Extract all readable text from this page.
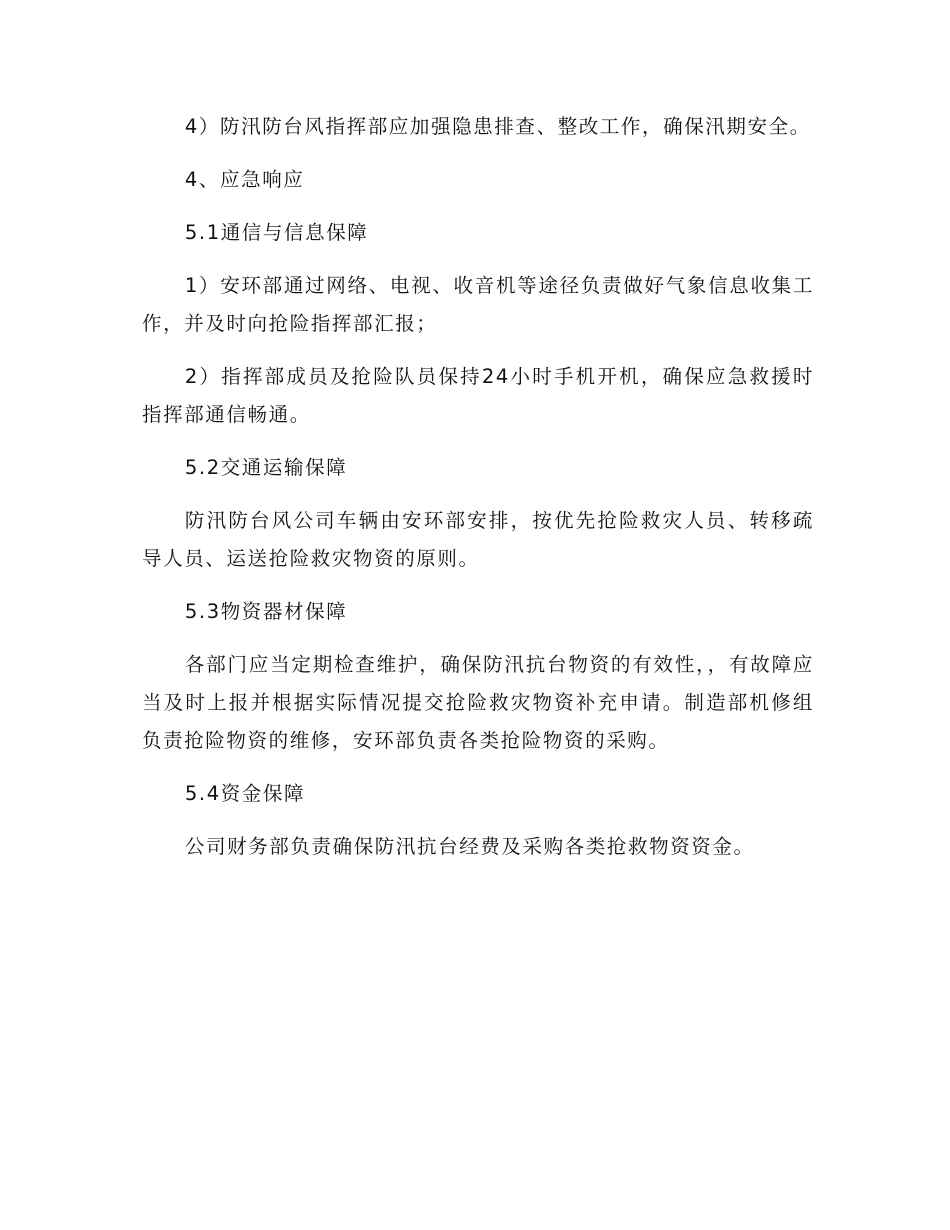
4）防汛防台风指挥部应加强隐患排查、整改工作，确保汛期安全。

4、应急响应

5.1通信与信息保障

1）安环部通过网络、电视、收音机等途径负责做好气象信息收集工作，并及时向抢险指挥部汇报；

2）指挥部成员及抢险队员保持24小时手机开机，确保应急救援时指挥部通信畅通。

5.2交通运输保障

防汛防台风公司车辆由安环部安排，按优先抢险救灾人员、转移疏导人员、运送抢险救灾物资的原则。

5.3物资器材保障

各部门应当定期检查维护，确保防汛抗台物资的有效性，，有故障应当及时上报并根据实际情况提交抢险救灾物资补充申请。制造部机修组负责抢险物资的维修，安环部负责各类抢险物资的采购。

5.4资金保障

公司财务部负责确保防汛抗台经费及采购各类抢救物资资金。
